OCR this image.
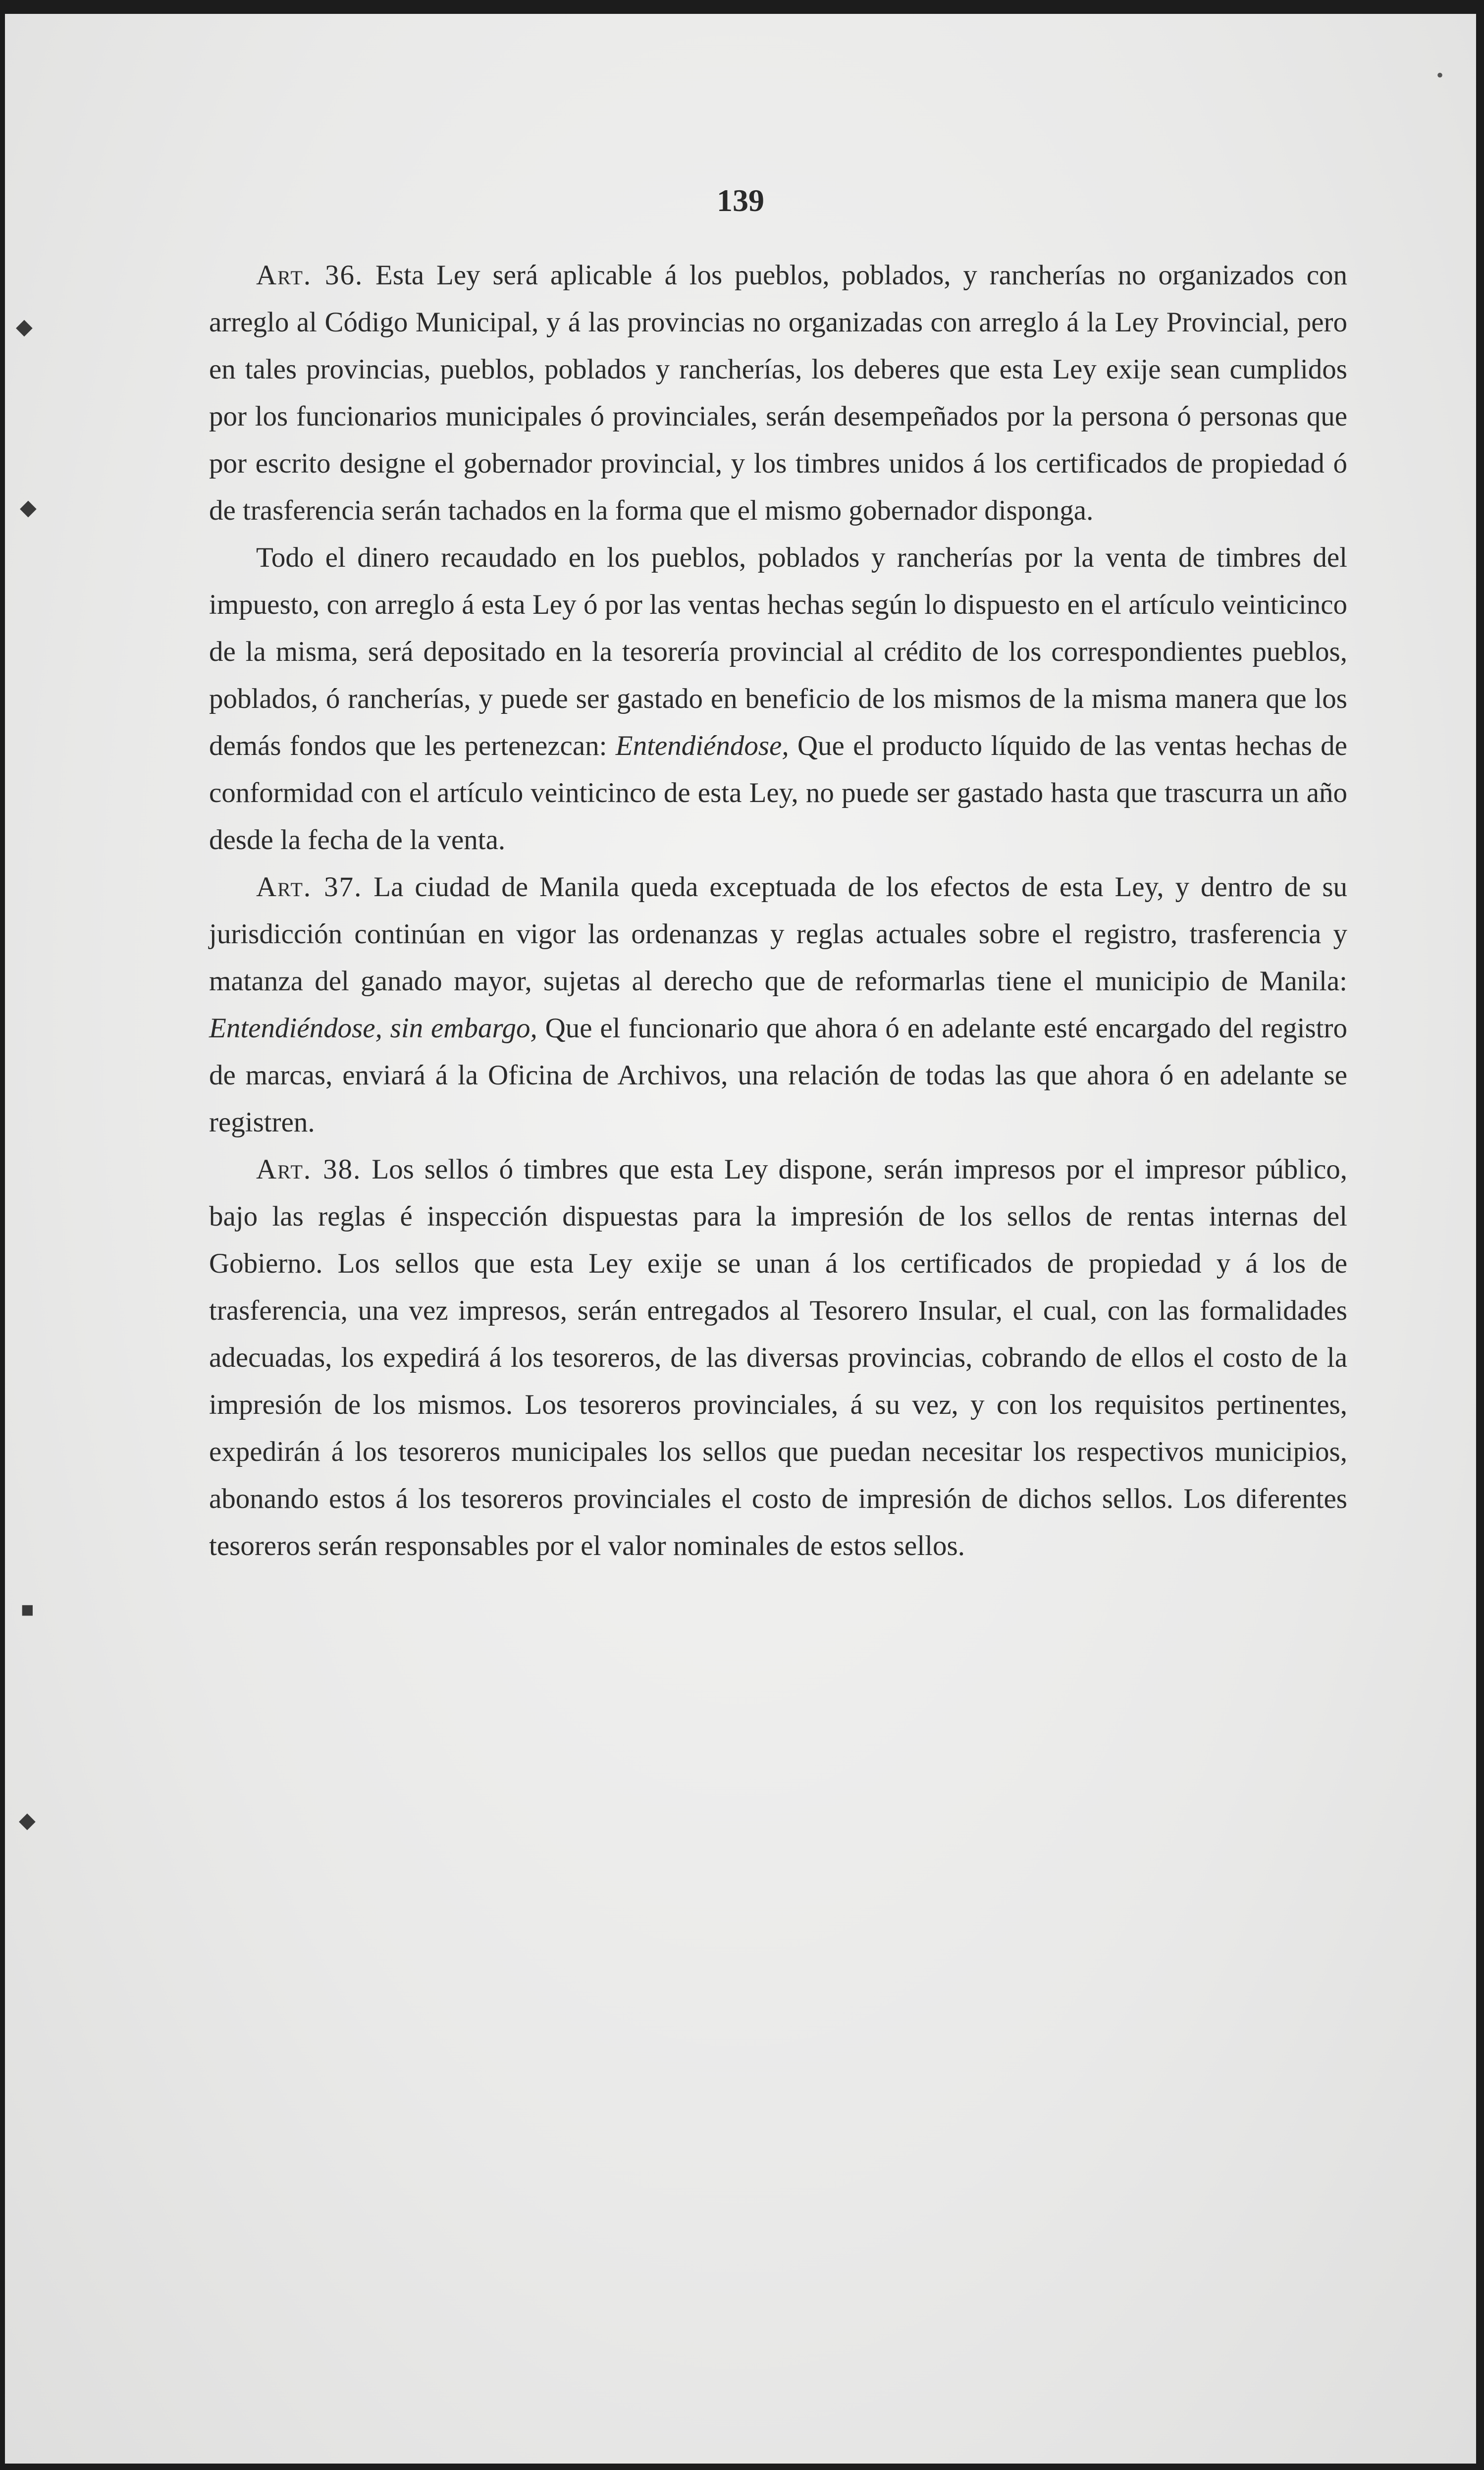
◆
◆
■
◆
•
139

Art. 36. Esta Ley será aplicable á los pueblos, poblados, y rancherías no organizados con arreglo al Código Municipal, y á las provincias no organizadas con arreglo á la Ley Provincial, pero en tales provincias, pueblos, poblados y rancherías, los deberes que esta Ley exije sean cumplidos por los funcionarios municipales ó provinciales, serán desempeñados por la persona ó personas que por escrito designe el gobernador provincial, y los timbres unidos á los certificados de propiedad ó de trasferencia serán tachados en la forma que el mismo gobernador disponga.

Todo el dinero recaudado en los pueblos, poblados y rancherías por la venta de timbres del impuesto, con arreglo á esta Ley ó por las ventas hechas según lo dispuesto en el artículo veinticinco de la misma, será depositado en la tesorería provincial al crédito de los correspondientes pueblos, poblados, ó rancherías, y puede ser gastado en beneficio de los mismos de la misma manera que los demás fondos que les pertenezcan: Entendiéndose, Que el producto líquido de las ventas hechas de conformidad con el artículo veinticinco de esta Ley, no puede ser gastado hasta que trascurra un año desde la fecha de la venta.

Art. 37. La ciudad de Manila queda exceptuada de los efectos de esta Ley, y dentro de su jurisdicción continúan en vigor las ordenanzas y reglas actuales sobre el registro, trasferencia y matanza del ganado mayor, sujetas al derecho que de reformarlas tiene el municipio de Manila: Entendiéndose, sin embargo, Que el funcionario que ahora ó en adelante esté encargado del registro de marcas, enviará á la Oficina de Archivos, una relación de todas las que ahora ó en adelante se registren.

Art. 38. Los sellos ó timbres que esta Ley dispone, serán impresos por el impresor público, bajo las reglas é inspección dispuestas para la impresión de los sellos de rentas internas del Gobierno. Los sellos que esta Ley exije se unan á los certificados de propiedad y á los de trasferencia, una vez impresos, serán entregados al Tesorero Insular, el cual, con las formalidades adecuadas, los expedirá á los tesoreros, de las diversas provincias, cobrando de ellos el costo de la impresión de los mismos. Los tesoreros provinciales, á su vez, y con los requisitos pertinentes, expedirán á los tesoreros municipales los sellos que puedan necesitar los respectivos municipios, abonando estos á los tesoreros provinciales el costo de impresión de dichos sellos. Los diferentes tesoreros serán responsables por el valor nominales de estos sellos.
